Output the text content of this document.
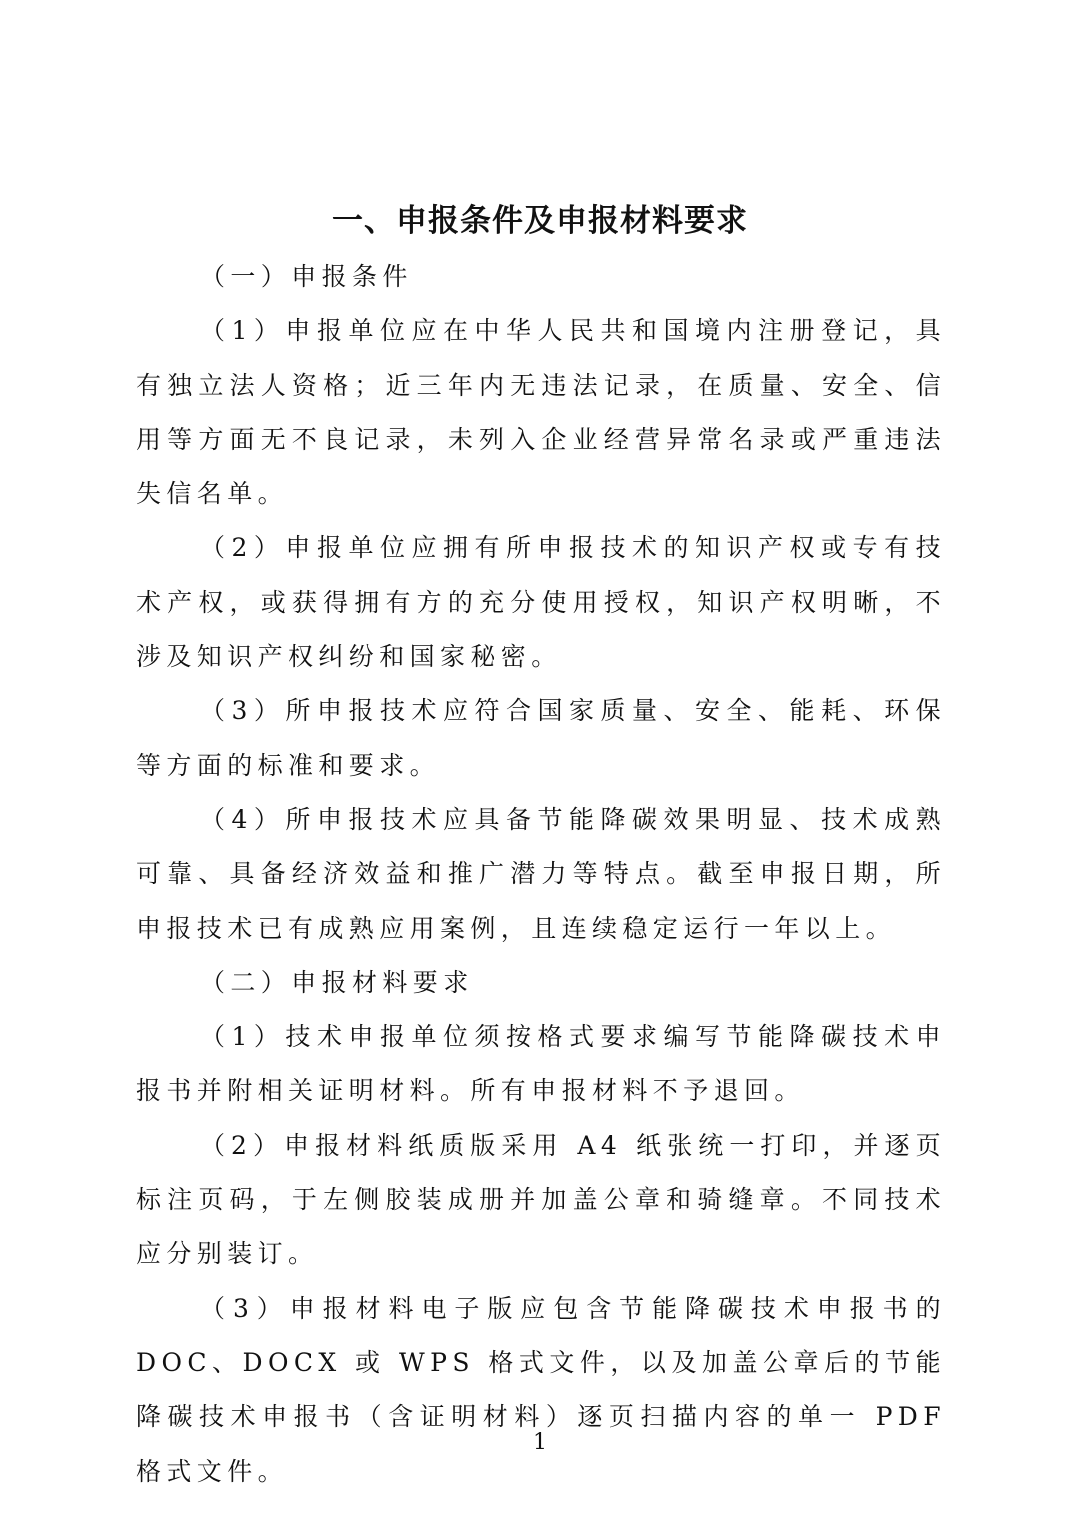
一、申报条件及申报材料要求

（一）申报条件

（1）申报单位应在中华人民共和国境内注册登记，具有独立法人资格；近三年内无违法记录，在质量、安全、信用等方面无不良记录，未列入企业经营异常名录或严重违法失信名单。

（2）申报单位应拥有所申报技术的知识产权或专有技术产权，或获得拥有方的充分使用授权，知识产权明晰，不涉及知识产权纠纷和国家秘密。

（3）所申报技术应符合国家质量、安全、能耗、环保等方面的标准和要求。

（4）所申报技术应具备节能降碳效果明显、技术成熟可靠、具备经济效益和推广潜力等特点。截至申报日期，所申报技术已有成熟应用案例，且连续稳定运行一年以上。

（二）申报材料要求

（1）技术申报单位须按格式要求编写节能降碳技术申报书并附相关证明材料。所有申报材料不予退回。

（2）申报材料纸质版采用 A4 纸张统一打印，并逐页标注页码，于左侧胶装成册并加盖公章和骑缝章。不同技术应分别装订。

（3）申报材料电子版应包含节能降碳技术申报书的 DOC、DOCX 或 WPS 格式文件，以及加盖公章后的节能降碳技术申报书（含证明材料）逐页扫描内容的单一 PDF 格式文件。

1
